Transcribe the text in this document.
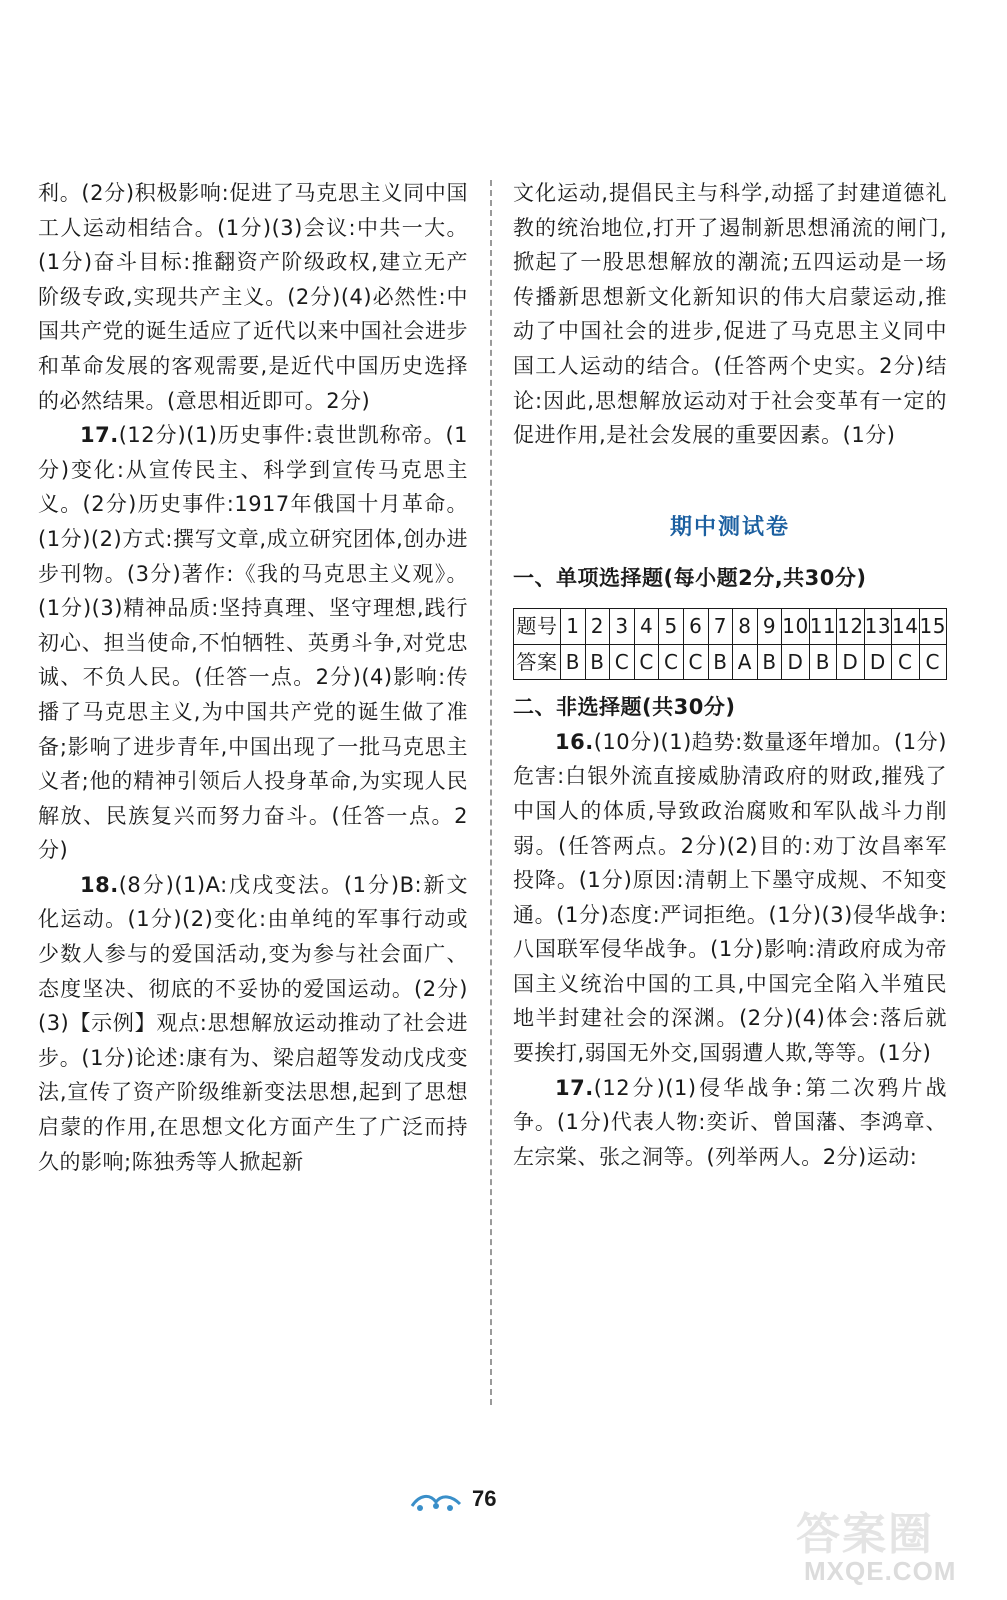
利。(2分)积极影响:促进了马克思主义同中国工人运动相结合。(1分)(3)会议:中共一大。(1分)奋斗目标:推翻资产阶级政权,建立无产阶级专政,实现共产主义。(2分)(4)必然性:中国共产党的诞生适应了近代以来中国社会进步和革命发展的客观需要,是近代中国历史选择的必然结果。(意思相近即可。2分)

17.(12分)(1)历史事件:袁世凯称帝。(1分)变化:从宣传民主、科学到宣传马克思主义。(2分)历史事件:1917年俄国十月革命。(1分)(2)方式:撰写文章,成立研究团体,创办进步刊物。(3分)著作:《我的马克思主义观》。(1分)(3)精神品质:坚持真理、坚守理想,践行初心、担当使命,不怕牺牲、英勇斗争,对党忠诚、不负人民。(任答一点。2分)(4)影响:传播了马克思主义,为中国共产党的诞生做了准备;影响了进步青年,中国出现了一批马克思主义者;他的精神引领后人投身革命,为实现人民解放、民族复兴而努力奋斗。(任答一点。2分)

18.(8分)(1)A:戊戌变法。(1分)B:新文化运动。(1分)(2)变化:由单纯的军事行动或少数人参与的爱国活动,变为参与社会面广、态度坚决、彻底的不妥协的爱国运动。(2分)(3)【示例】观点:思想解放运动推动了社会进步。(1分)论述:康有为、梁启超等发动戊戌变法,宣传了资产阶级维新变法思想,起到了思想启蒙的作用,在思想文化方面产生了广泛而持久的影响;陈独秀等人掀起新

文化运动,提倡民主与科学,动摇了封建道德礼教的统治地位,打开了遏制新思想涌流的闸门,掀起了一股思想解放的潮流;五四运动是一场传播新思想新文化新知识的伟大启蒙运动,推动了中国社会的进步,促进了马克思主义同中国工人运动的结合。(任答两个史实。2分)结论:因此,思想解放运动对于社会变革有一定的促进作用,是社会发展的重要因素。(1分)

期中测试卷

一、单项选择题(每小题2分,共30分)

题号	1	2	3	4	5	6	7	8	9	10	11	12	13	14	15
答案	B	B	C	C	C	C	B	A	B	D	B	D	D	C	C

二、非选择题(共30分)

16.(10分)(1)趋势:数量逐年增加。(1分)危害:白银外流直接威胁清政府的财政,摧残了中国人的体质,导致政治腐败和军队战斗力削弱。(任答两点。2分)(2)目的:劝丁汝昌率军投降。(1分)原因:清朝上下墨守成规、不知变通。(1分)态度:严词拒绝。(1分)(3)侵华战争:八国联军侵华战争。(1分)影响:清政府成为帝国主义统治中国的工具,中国完全陷入半殖民地半封建社会的深渊。(2分)(4)体会:落后就要挨打,弱国无外交,国弱遭人欺,等等。(1分)

17.(12分)(1)侵华战争:第二次鸦片战争。(1分)代表人物:奕䜣、曾国藩、李鸿章、左宗棠、张之洞等。(列举两人。2分)运动:

76
答案圈
MXQE.COM
